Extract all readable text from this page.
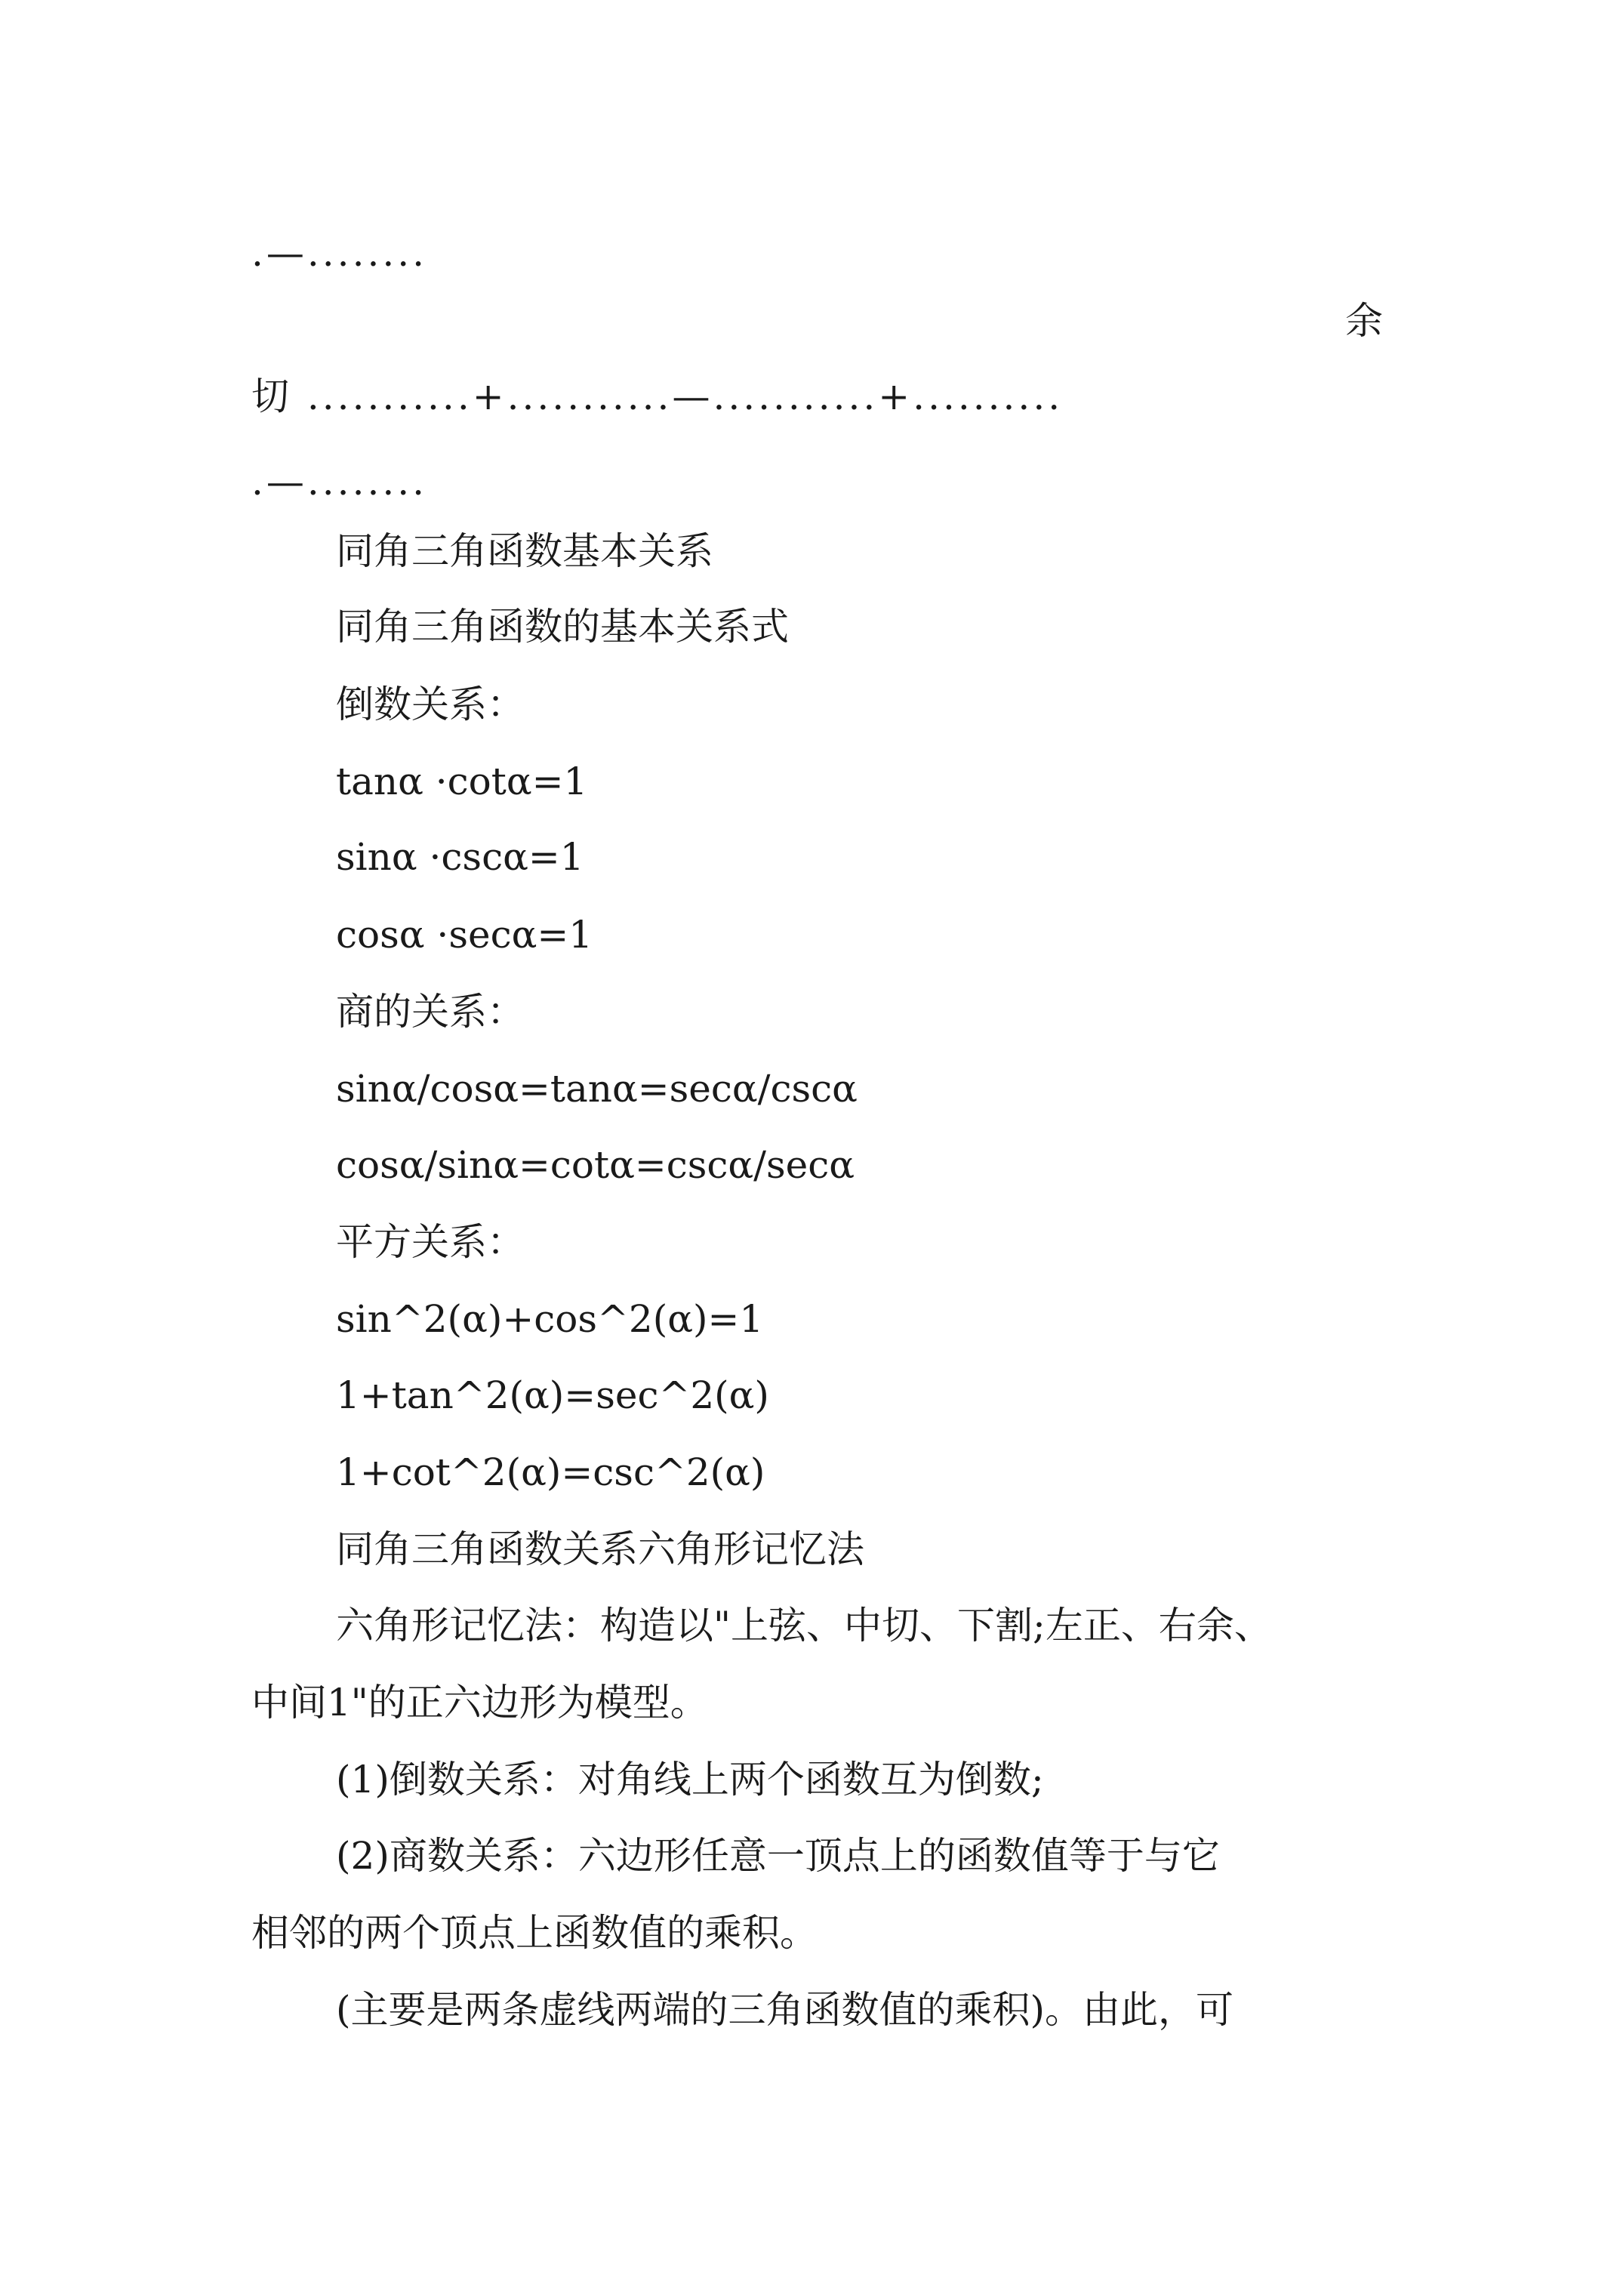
.—........
余
切 ...........+...........—...........+..........
.—........
同角三角函数基本关系
同角三角函数的基本关系式
倒数关系：
tanα ·cotα=1
sinα ·cscα=1
cosα ·secα=1
商的关系：
sinα/cosα=tanα=secα/cscα
cosα/sinα=cotα=cscα/secα
平方关系：
sin^2(α)+cos^2(α)=1
1+tan^2(α)=sec^2(α)
1+cot^2(α)=csc^2(α)
同角三角函数关系六角形记忆法
六角形记忆法：构造以"上弦、中切、下割;左正、右余、
中间1"的正六边形为模型。
(1)倒数关系：对角线上两个函数互为倒数;
(2)商数关系：六边形任意一顶点上的函数值等于与它
相邻的两个顶点上函数值的乘积。
(主要是两条虚线两端的三角函数值的乘积)。由此，可
